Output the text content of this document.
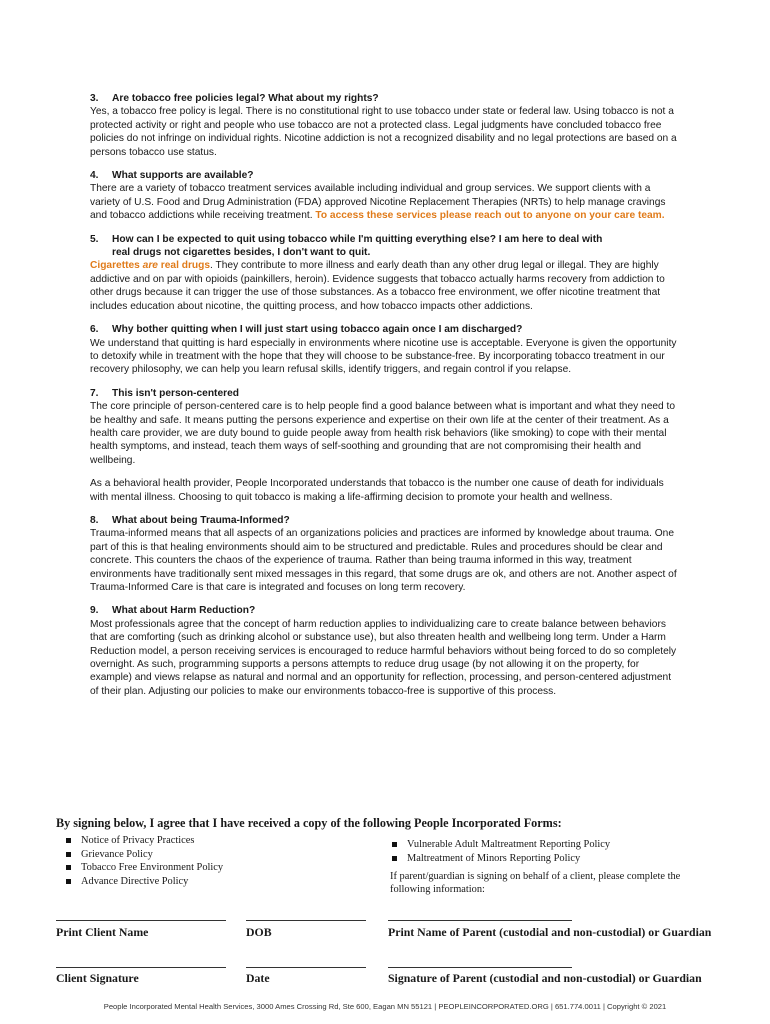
3.	Are tobacco free policies legal? What about my rights?
Yes, a tobacco free policy is legal. There is no constitutional right to use tobacco under state or federal law. Using tobacco is not a protected activity or right and people who use tobacco are not a protected class. Legal judgments have concluded tobacco free policies do not infringe on individual rights. Nicotine addiction is not a recognized disability and no legal protections are based on a persons tobacco use status.
4.	What supports are available?
There are a variety of tobacco treatment services available including individual and group services. We support clients with a variety of U.S. Food and Drug Administration (FDA) approved Nicotine Replacement Therapies (NRTs) to help manage cravings and tobacco addictions while receiving treatment. To access these services please reach out to anyone on your care team.
5.	How can I be expected to quit using tobacco while I'm quitting everything else? I am here to deal with
real drugs not cigarettes besides, I don't want to quit.
Cigarettes are real drugs. They contribute to more illness and early death than any other drug legal or illegal. They are highly addictive and on par with opioids (painkillers, heroin). Evidence suggests that tobacco actually harms recovery from addiction to other drugs because it can trigger the use of those substances. As a tobacco free environment, we offer nicotine treatment that includes education about nicotine, the quitting process, and how tobacco impacts other addictions.
6.	Why bother quitting when I will just start using tobacco again once I am discharged?
We understand that quitting is hard especially in environments where nicotine use is acceptable. Everyone is given the opportunity to detoxify while in treatment with the hope that they will choose to be substance-free. By incorporating tobacco treatment in our recovery philosophy, we can help you learn refusal skills, identify triggers, and regain control if you relapse.
7.	This isn't person-centered
The core principle of person-centered care is to help people find a good balance between what is important and what they need to be healthy and safe. It means putting the persons experience and expertise on their own life at the center of their treatment. As a health care provider, we are duty bound to guide people away from health risk behaviors (like smoking) to cope with their mental health symptoms, and instead, teach them ways of self-soothing and grounding that are not compromising their health and wellbeing.
As a behavioral health provider, People Incorporated understands that tobacco is the number one cause of death for individuals with mental illness. Choosing to quit tobacco is making a life-affirming decision to promote your health and wellness.
8.	What about being Trauma-Informed?
Trauma-informed means that all aspects of an organizations policies and practices are informed by knowledge about trauma. One part of this is that healing environments should aim to be structured and predictable. Rules and procedures should be clear and concrete. This counters the chaos of the experience of trauma. Rather than being trauma informed in this way, treatment environments have traditionally sent mixed messages in this regard, that some drugs are ok, and others are not. Another aspect of Trauma-Informed Care is that care is integrated and focuses on long term recovery.
9.	What about Harm Reduction?
Most professionals agree that the concept of harm reduction applies to individualizing care to create balance between behaviors that are comforting (such as drinking alcohol or substance use), but also threaten health and wellbeing long term. Under a Harm Reduction model, a person receiving services is encouraged to reduce harmful behaviors without being forced to do so completely overnight. As such, programming supports a persons attempts to reduce drug usage (by not allowing it on the property, for example) and views relapse as natural and normal and an opportunity for reflection, processing, and person-centered adjustment of their plan. Adjusting our policies to make our environments tobacco-free is supportive of this process.
By signing below, I agree that I have received a copy of the following People Incorporated Forms:
Notice of Privacy Practices
Grievance Policy
Tobacco Free Environment Policy
Advance Directive Policy
Vulnerable Adult Maltreatment Reporting Policy
Maltreatment of Minors Reporting Policy
If parent/guardian is signing on behalf of a client, please complete the following information:
Print Client Name	DOB	Print Name of Parent (custodial and non-custodial) or Guardian
Client Signature	Date	Signature of Parent (custodial and non-custodial) or Guardian
People Incorporated Mental Health Services, 3000 Ames Crossing Rd, Ste 600, Eagan MN 55121 | PEOPLEINCORPORATED.ORG | 651.774.0011 | Copyright © 2021
